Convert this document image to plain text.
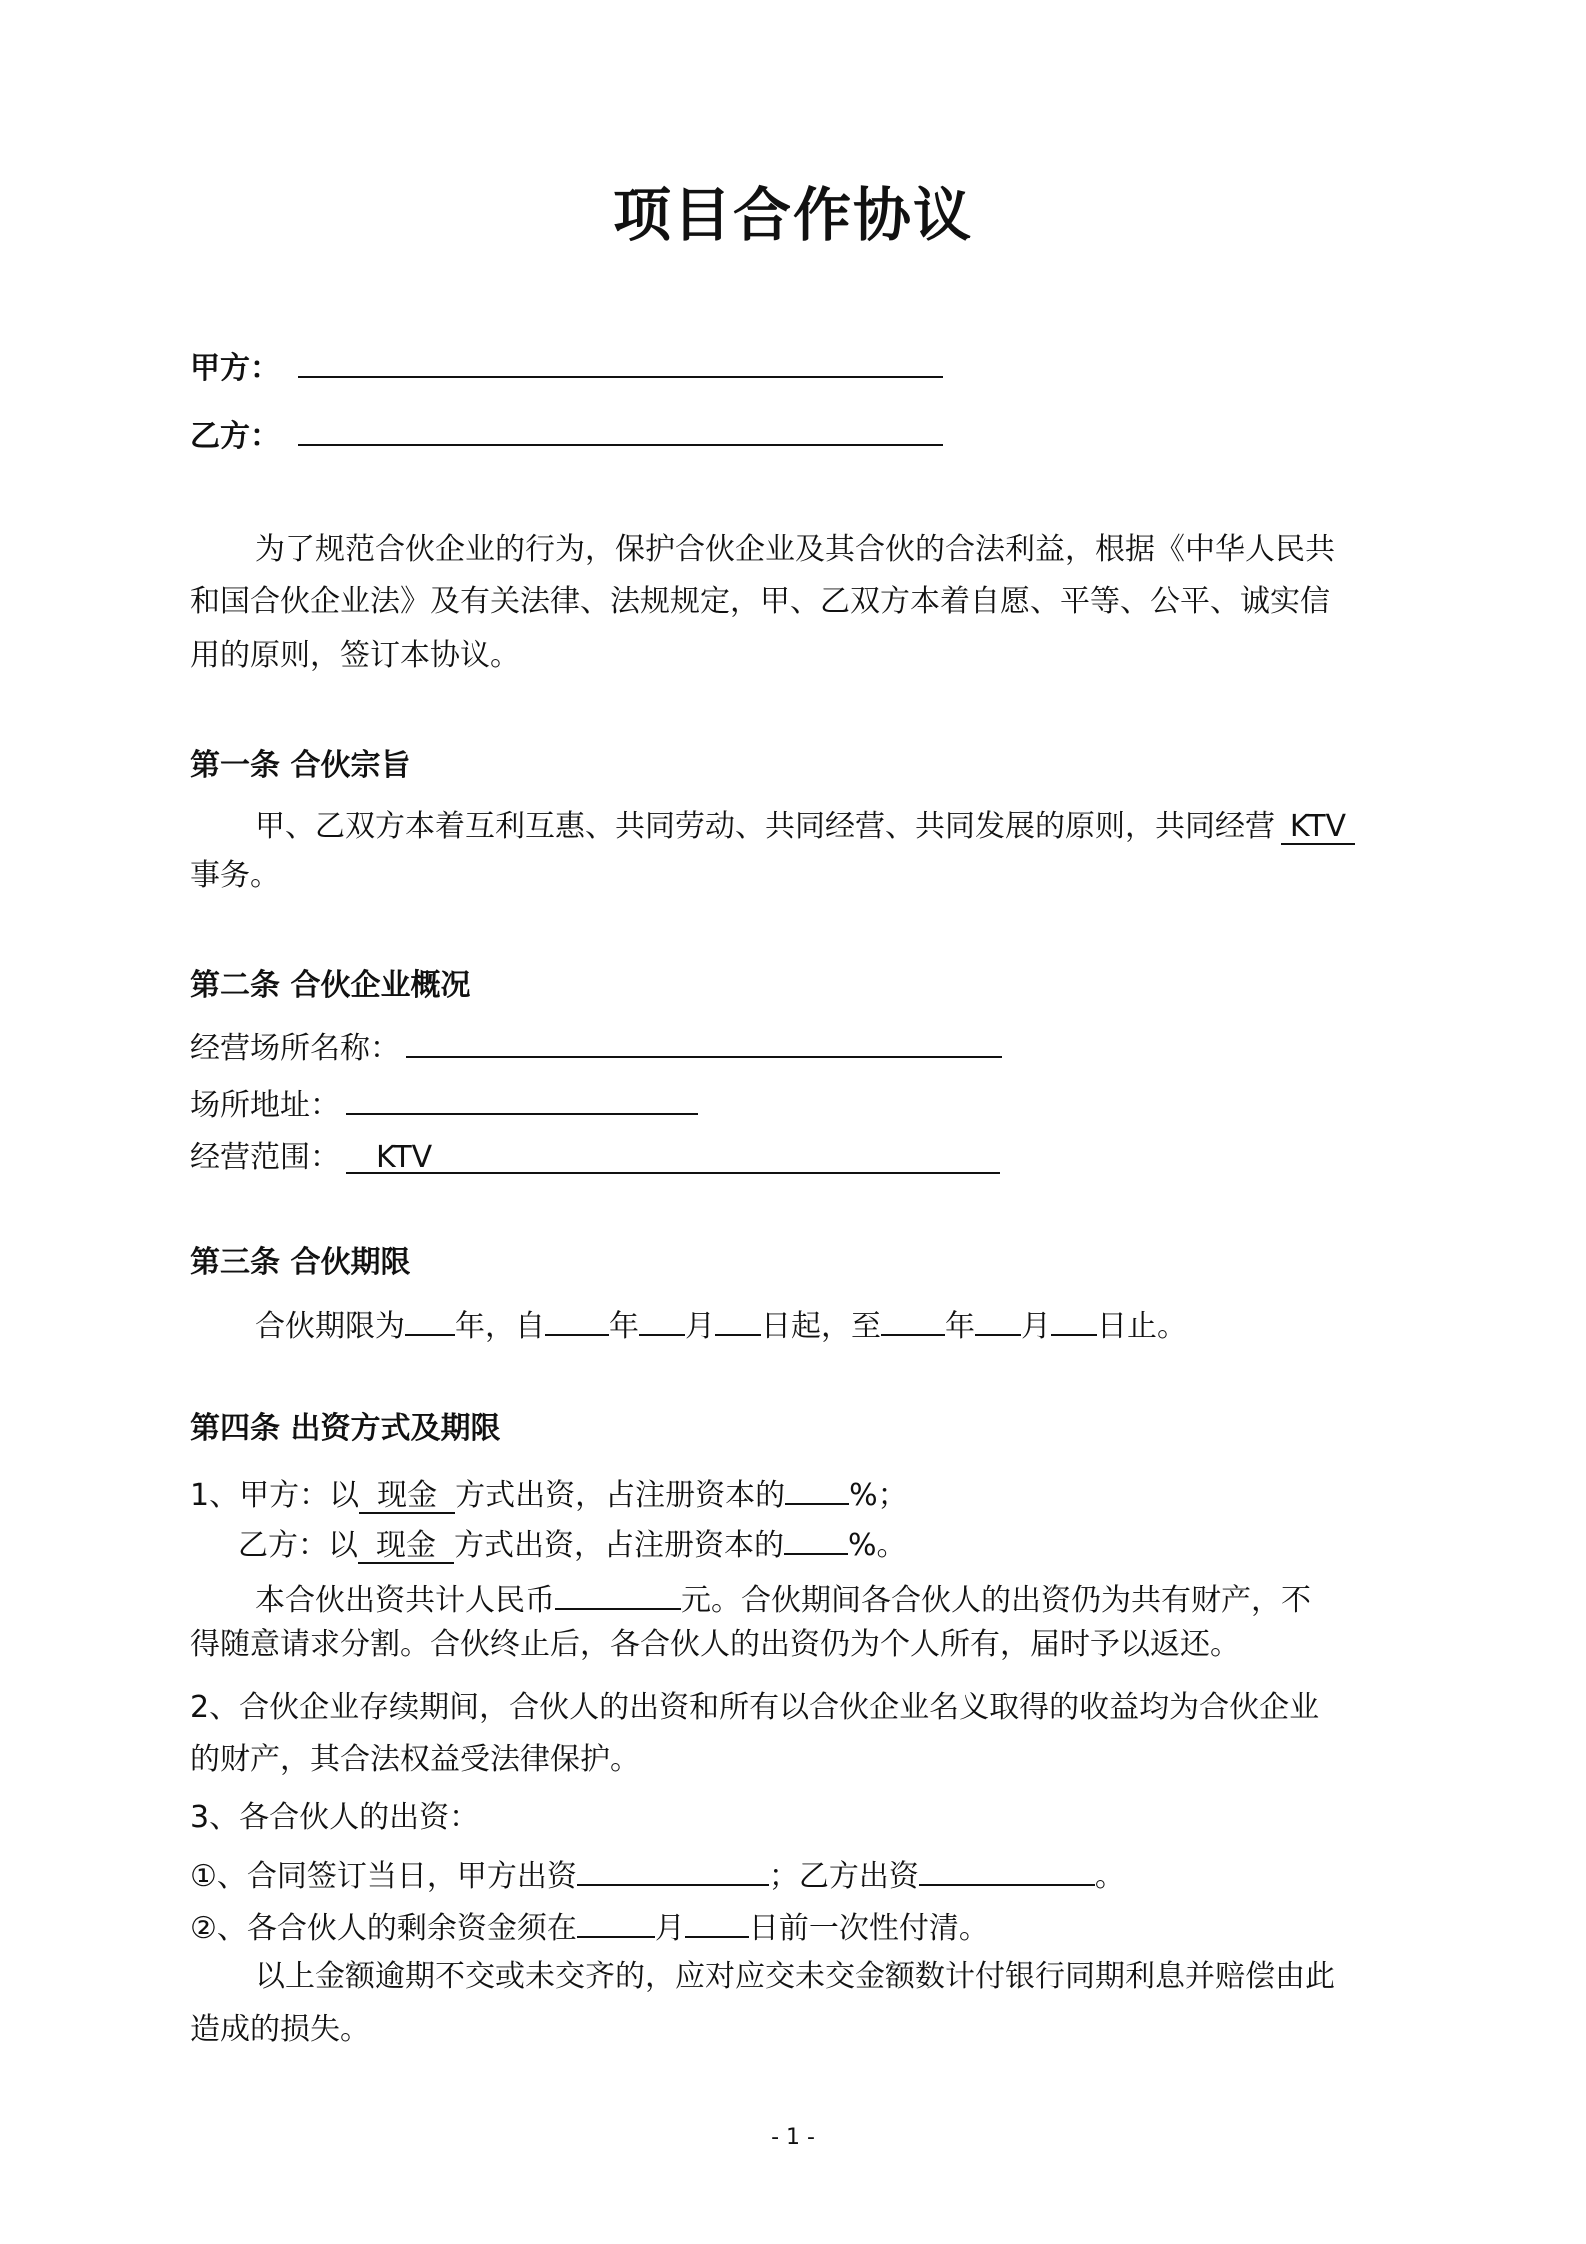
项目合作协议
甲方：
乙方：
为了规范合伙企业的行为，保护合伙企业及其合伙的合法利益，根据《中华人民共
和国合伙企业法》及有关法律、法规规定，甲、乙双方本着自愿、平等、公平、诚实信
用的原则，签订本协议。
第一条 合伙宗旨
甲、乙双方本着互利互惠、共同劳动、共同经营、共同发展的原则，共同经营 KTV
事务。
第二条 合伙企业概况
经营场所名称：
场所地址：
经营范围： KTV
第三条 合伙期限
合伙期限为 年，自 年 月 日起，至 年 月 日止。
第四条 出资方式及期限
1、甲方：以 现金 方式出资，占注册资本的 %；
乙方：以 现金 方式出资，占注册资本的 %。
本合伙出资共计人民币	元。合伙期间各合伙人的出资仍为共有财产，不
得随意请求分割。合伙终止后，各合伙人的出资仍为个人所有，届时予以返还。
2、合伙企业存续期间，合伙人的出资和所有以合伙企业名义取得的收益均为合伙企业
的财产，其合法权益受法律保护。
3、各合伙人的出资：
①、合同签订当日，甲方出资	；乙方出资	。
②、各合伙人的剩余资金须在	月 日前一次性付清。
以上金额逾期不交或未交齐的，应对应交未交金额数计付银行同期利息并赔偿由此
造成的损失。
- 1 -
